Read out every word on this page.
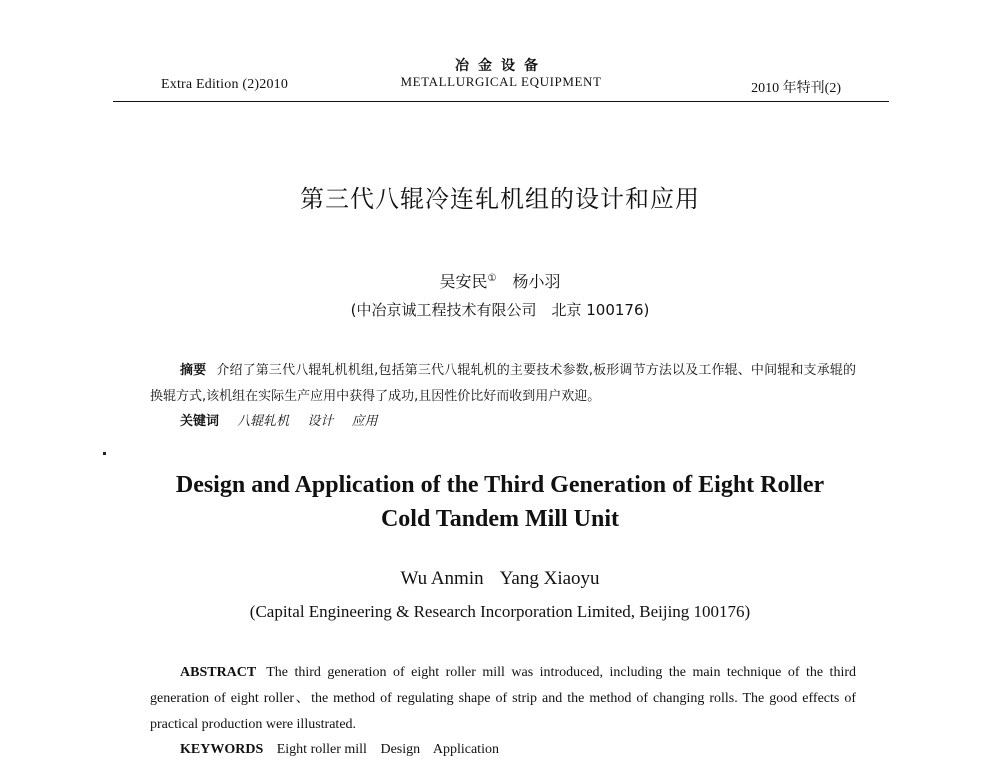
Extra Edition (2)2010
冶金设备
METALLURGICAL EQUIPMENT	2010 年特刊(2)
第三代八辊冷连轧机组的设计和应用
吴安民① 杨小羽
(中冶京诚工程技术有限公司　北京 100176)
摘要 介绍了第三代八辊轧机机组,包括第三代八辊轧机的主要技术参数,板形调节方法以及工作辊、中间辊和支承辊的换辊方式,该机组在实际生产应用中获得了成功,且因性价比好而收到用户欢迎。
关键词 八辊轧机 设计 应用
Design and Application of the Third Generation of Eight Roller
Cold Tandem Mill Unit
Wu Anmin Yang Xiaoyu
(Capital Engineering & Research Incorporation Limited, Beijing 100176)
ABSTRACT The third generation of eight roller mill was introduced, including the main technique of the third generation of eight roller、the method of regulating shape of strip and the method of changing rolls. The good effects of practical production were illustrated.
KEYWORDS Eight roller mill Design Application
